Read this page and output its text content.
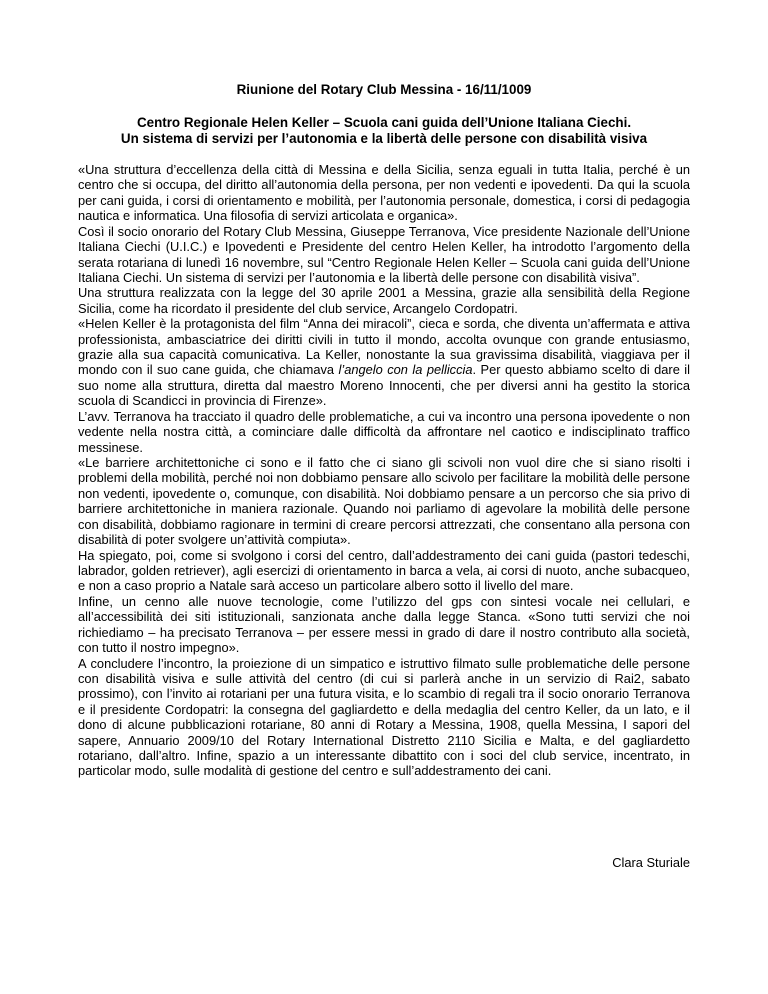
Riunione del Rotary Club Messina - 16/11/1009

Centro Regionale Helen Keller – Scuola cani guida dell’Unione Italiana Ciechi.
Un sistema di servizi per l’autonomia e la libertà delle persone con disabilità visiva

«Una struttura d’eccellenza della città di Messina e della Sicilia, senza eguali in tutta Italia, perché è un centro che si occupa, del diritto all’autonomia della persona, per non vedenti e ipovedenti. Da qui la scuola per cani guida, i corsi di orientamento e mobilità, per l’autonomia personale, domestica, i corsi di pedagogia nautica e informatica. Una filosofia di servizi articolata e organica».

Così il socio onorario del Rotary Club Messina, Giuseppe Terranova, Vice presidente Nazionale dell’Unione Italiana Ciechi (U.I.C.) e Ipovedenti e Presidente del centro Helen Keller, ha introdotto l’argomento della serata rotariana di lunedì 16 novembre, sul “Centro Regionale Helen Keller – Scuola cani guida dell’Unione Italiana Ciechi. Un sistema di servizi per l’autonomia e la libertà delle persone con disabilità visiva”.

Una struttura realizzata con la legge del 30 aprile 2001 a Messina, grazie alla sensibilità della Regione Sicilia, come ha ricordato il presidente del club service, Arcangelo Cordopatri.

«Helen Keller è la protagonista del film “Anna dei miracoli”, cieca e sorda, che diventa un’affermata e attiva professionista, ambasciatrice dei diritti civili in tutto il mondo, accolta ovunque con grande entusiasmo, grazie alla sua capacità comunicativa. La Keller, nonostante la sua gravissima disabilità, viaggiava per il mondo con il suo cane guida, che chiamava l’angelo con la pelliccia. Per questo abbiamo scelto di dare il suo nome alla struttura, diretta dal maestro Moreno Innocenti, che per diversi anni ha gestito la storica scuola di Scandicci in provincia di Firenze».

L’avv. Terranova ha tracciato il quadro delle problematiche, a cui va incontro una persona ipovedente o non vedente nella nostra città, a cominciare dalle difficoltà da affrontare nel caotico e indisciplinato traffico messinese.

«Le barriere architettoniche ci sono e il fatto che ci siano gli scivoli non vuol dire che si siano risolti i problemi della mobilità, perché noi non dobbiamo pensare allo scivolo per facilitare la mobilità delle persone non vedenti, ipovedente o, comunque, con disabilità. Noi dobbiamo pensare a un percorso che sia privo di barriere architettoniche in maniera razionale. Quando noi parliamo di agevolare la mobilità delle persone con disabilità, dobbiamo ragionare in termini di creare percorsi attrezzati, che consentano alla persona con disabilità di poter svolgere un’attività compiuta».

Ha spiegato, poi, come si svolgono i corsi del centro, dall’addestramento dei cani guida (pastori tedeschi, labrador, golden retriever), agli esercizi di orientamento in barca a vela, ai corsi di nuoto, anche subacqueo, e non a caso proprio a Natale sarà acceso un particolare albero sotto il livello del mare.

Infine, un cenno alle nuove tecnologie, come l’utilizzo del gps con sintesi vocale nei cellulari, e all’accessibilità dei siti istituzionali, sanzionata anche dalla legge Stanca. «Sono tutti servizi che noi richiediamo – ha precisato Terranova – per essere messi in grado di dare il nostro contributo alla società, con tutto il nostro impegno».

A concludere l’incontro, la proiezione di un simpatico e istruttivo filmato sulle problematiche delle persone con disabilità visiva e sulle attività del centro (di cui si parlerà anche in un servizio di Rai2, sabato prossimo), con l’invito ai rotariani per una futura visita, e lo scambio di regali tra il socio onorario Terranova e il presidente Cordopatri: la consegna del gagliardetto e della medaglia del centro Keller, da un lato, e il dono di alcune pubblicazioni rotariane, 80 anni di Rotary a Messina, 1908, quella Messina, I sapori del sapere, Annuario 2009/10 del Rotary International Distretto 2110 Sicilia e Malta, e del gagliardetto rotariano, dall’altro. Infine, spazio a un interessante dibattito con i soci del club service, incentrato, in particolar modo, sulle modalità di gestione del centro e sull’addestramento dei cani.

Clara Sturiale
